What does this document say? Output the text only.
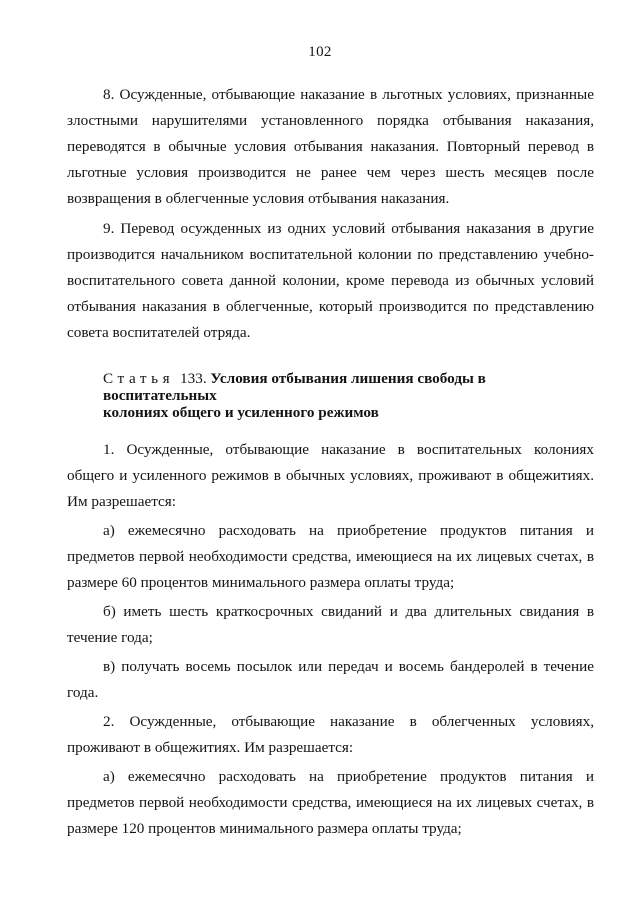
102

8. Осужденные, отбывающие наказание в льготных условиях, признанные злостными нарушителями установленного порядка отбывания наказания, переводятся в обычные условия отбывания наказания. Повторный перевод в льготные условия производится не ранее чем через шесть месяцев после возвращения в облегченные условия отбывания наказания.

9. Перевод осужденных из одних условий отбывания наказания в другие производится начальником воспитательной колонии по представлению учебно-воспитательного совета данной колонии, кроме перевода из обычных условий отбывания наказания в облегченные, который производится по представлению совета воспитателей отряда.

Статья 133. Условия отбывания лишения свободы в воспитательных
колониях общего и усиленного режимов

1. Осужденные, отбывающие наказание в воспитательных колониях общего и усиленного режимов в обычных условиях, проживают в общежитиях. Им разрешается:

а) ежемесячно расходовать на приобретение продуктов питания и предметов первой необходимости средства, имеющиеся на их лицевых счетах, в размере 60 процентов минимального размера оплаты труда;

б) иметь шесть краткосрочных свиданий и два длительных свидания в течение года;

в) получать восемь посылок или передач и восемь бандеролей в течение года.

2. Осужденные, отбывающие наказание в облегченных условиях, проживают в общежитиях. Им разрешается:

а) ежемесячно расходовать на приобретение продуктов питания и предметов первой необходимости средства, имеющиеся на их лицевых счетах, в размере 120 процентов минимального размера оплаты труда;
